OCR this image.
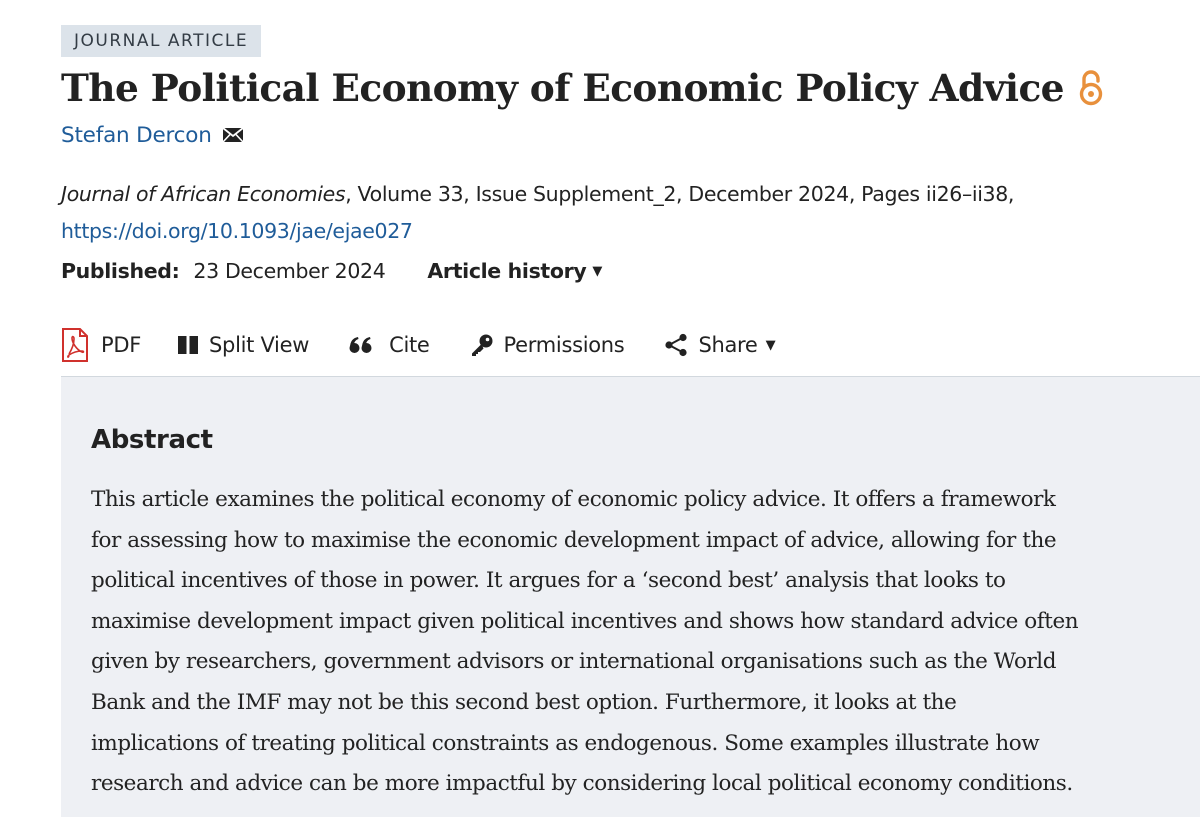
JOURNAL ARTICLE
The Political Economy of Economic Policy Advice
Stefan Dercon
Journal of African Economies, Volume 33, Issue Supplement_2, December 2024, Pages ii26–ii38,
https://doi.org/10.1093/jae/ejae027
Published: 23 December 2024 Article history ▼
PDF	Split View	Cite	Permissions	Share ▼
Abstract

This article examines the political economy of economic policy advice. It offers a framework
for assessing how to maximise the economic development impact of advice, allowing for the
political incentives of those in power. It argues for a ‘second best’ analysis that looks to
maximise development impact given political incentives and shows how standard advice often
given by researchers, government advisors or international organisations such as the World
Bank and the IMF may not be this second best option. Furthermore, it looks at the
implications of treating political constraints as endogenous. Some examples illustrate how
research and advice can be more impactful by considering local political economy conditions.
